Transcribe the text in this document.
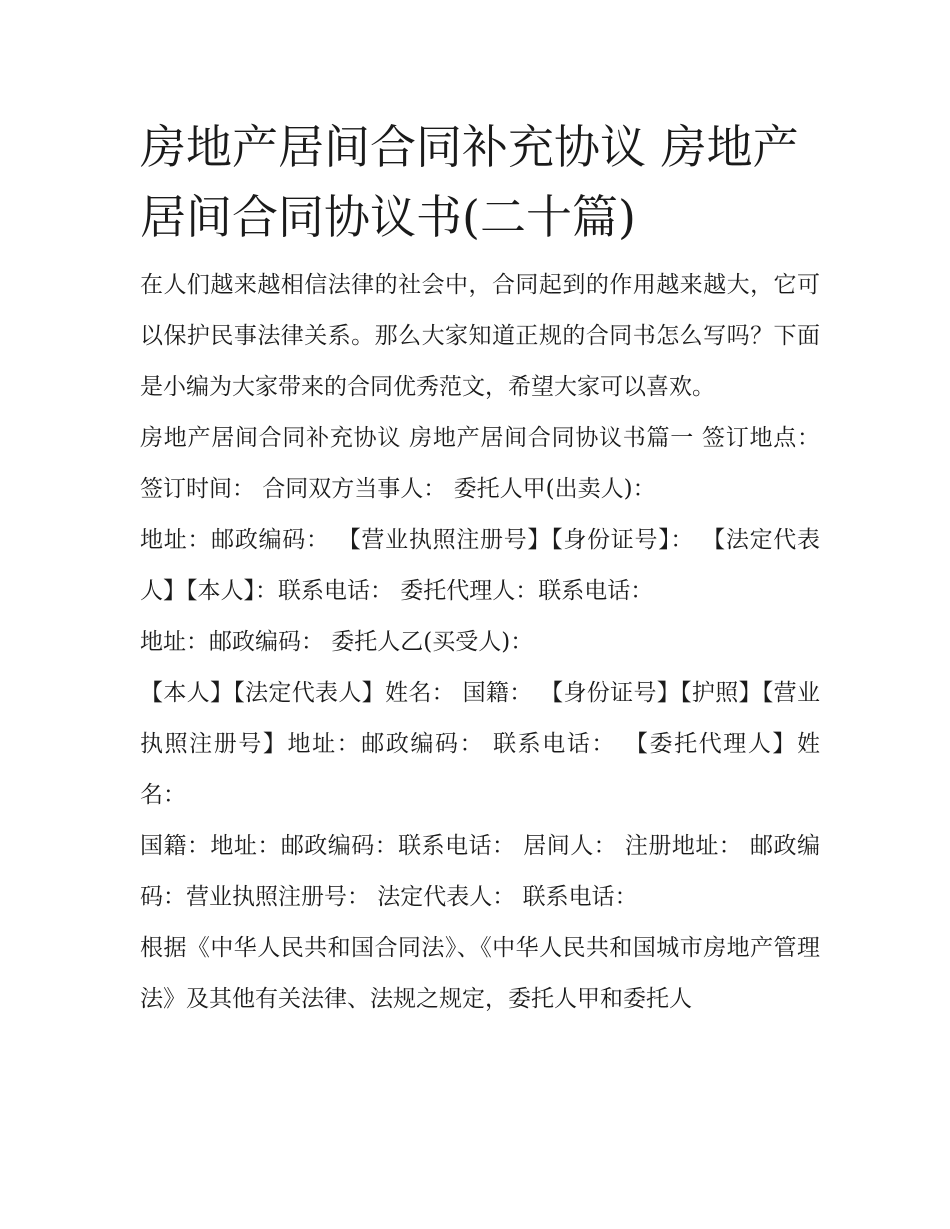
房地产居间合同补充协议 房地产居间合同协议书(二十篇)

在人们越来越相信法律的社会中，合同起到的作用越来越大，它可以保护民事法律关系。那么大家知道正规的合同书怎么写吗？下面是小编为大家带来的合同优秀范文，希望大家可以喜欢。

房地产居间合同补充协议 房地产居间合同协议书篇一 签订地点： 签订时间： 合同双方当事人： 委托人甲(出卖人)：

地址：邮政编码： 【营业执照注册号】【身份证号】： 【法定代表人】【本人】：联系电话： 委托代理人：联系电话：

地址：邮政编码： 委托人乙(买受人)：

【本人】【法定代表人】姓名： 国籍： 【身份证号】【护照】【营业执照注册号】地址：邮政编码： 联系电话： 【委托代理人】姓名：

国籍：地址：邮政编码：联系电话： 居间人： 注册地址： 邮政编码：营业执照注册号： 法定代表人： 联系电话：

根据《中华人民共和国合同法》、《中华人民共和国城市房地产管理法》及其他有关法律、法规之规定，委托人甲和委托人
